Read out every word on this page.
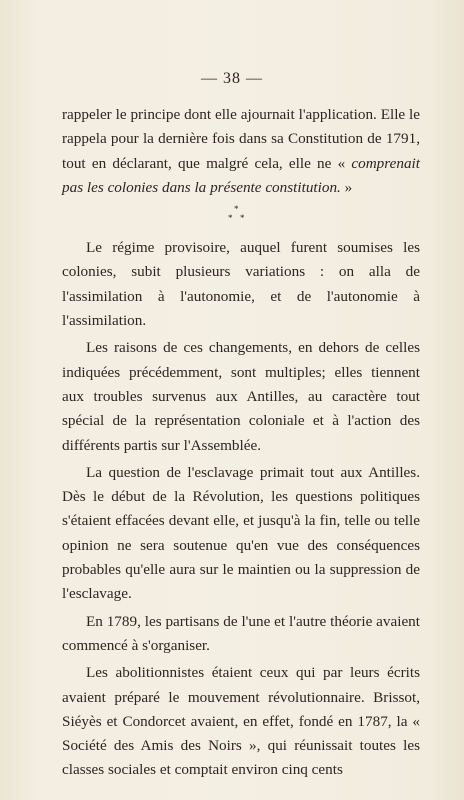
— 38 —

rappeler le principe dont elle ajournait l'application. Elle le rappela pour la dernière fois dans sa Constitution de 1791, tout en déclarant, que malgré cela, elle ne « comprenait pas les colonies dans la présente constitution. »

*
* *

Le régime provisoire, auquel furent soumises les colonies, subit plusieurs variations : on alla de l'assimilation à l'autonomie, et de l'autonomie à l'assimilation.

Les raisons de ces changements, en dehors de celles indiquées précédemment, sont multiples; elles tiennent aux troubles survenus aux Antilles, au caractère tout spécial de la représentation coloniale et à l'action des différents partis sur l'Assemblée.

La question de l'esclavage primait tout aux Antilles. Dès le début de la Révolution, les questions politiques s'étaient effacées devant elle, et jusqu'à la fin, telle ou telle opinion ne sera soutenue qu'en vue des conséquences probables qu'elle aura sur le maintien ou la suppression de l'esclavage.

En 1789, les partisans de l'une et l'autre théorie avaient commencé à s'organiser.

Les abolitionnistes étaient ceux qui par leurs écrits avaient préparé le mouvement révolutionnaire. Brissot, Siéyès et Condorcet avaient, en effet, fondé en 1787, la « Société des Amis des Noirs », qui réunissait toutes les classes sociales et comptait environ cinq cents
